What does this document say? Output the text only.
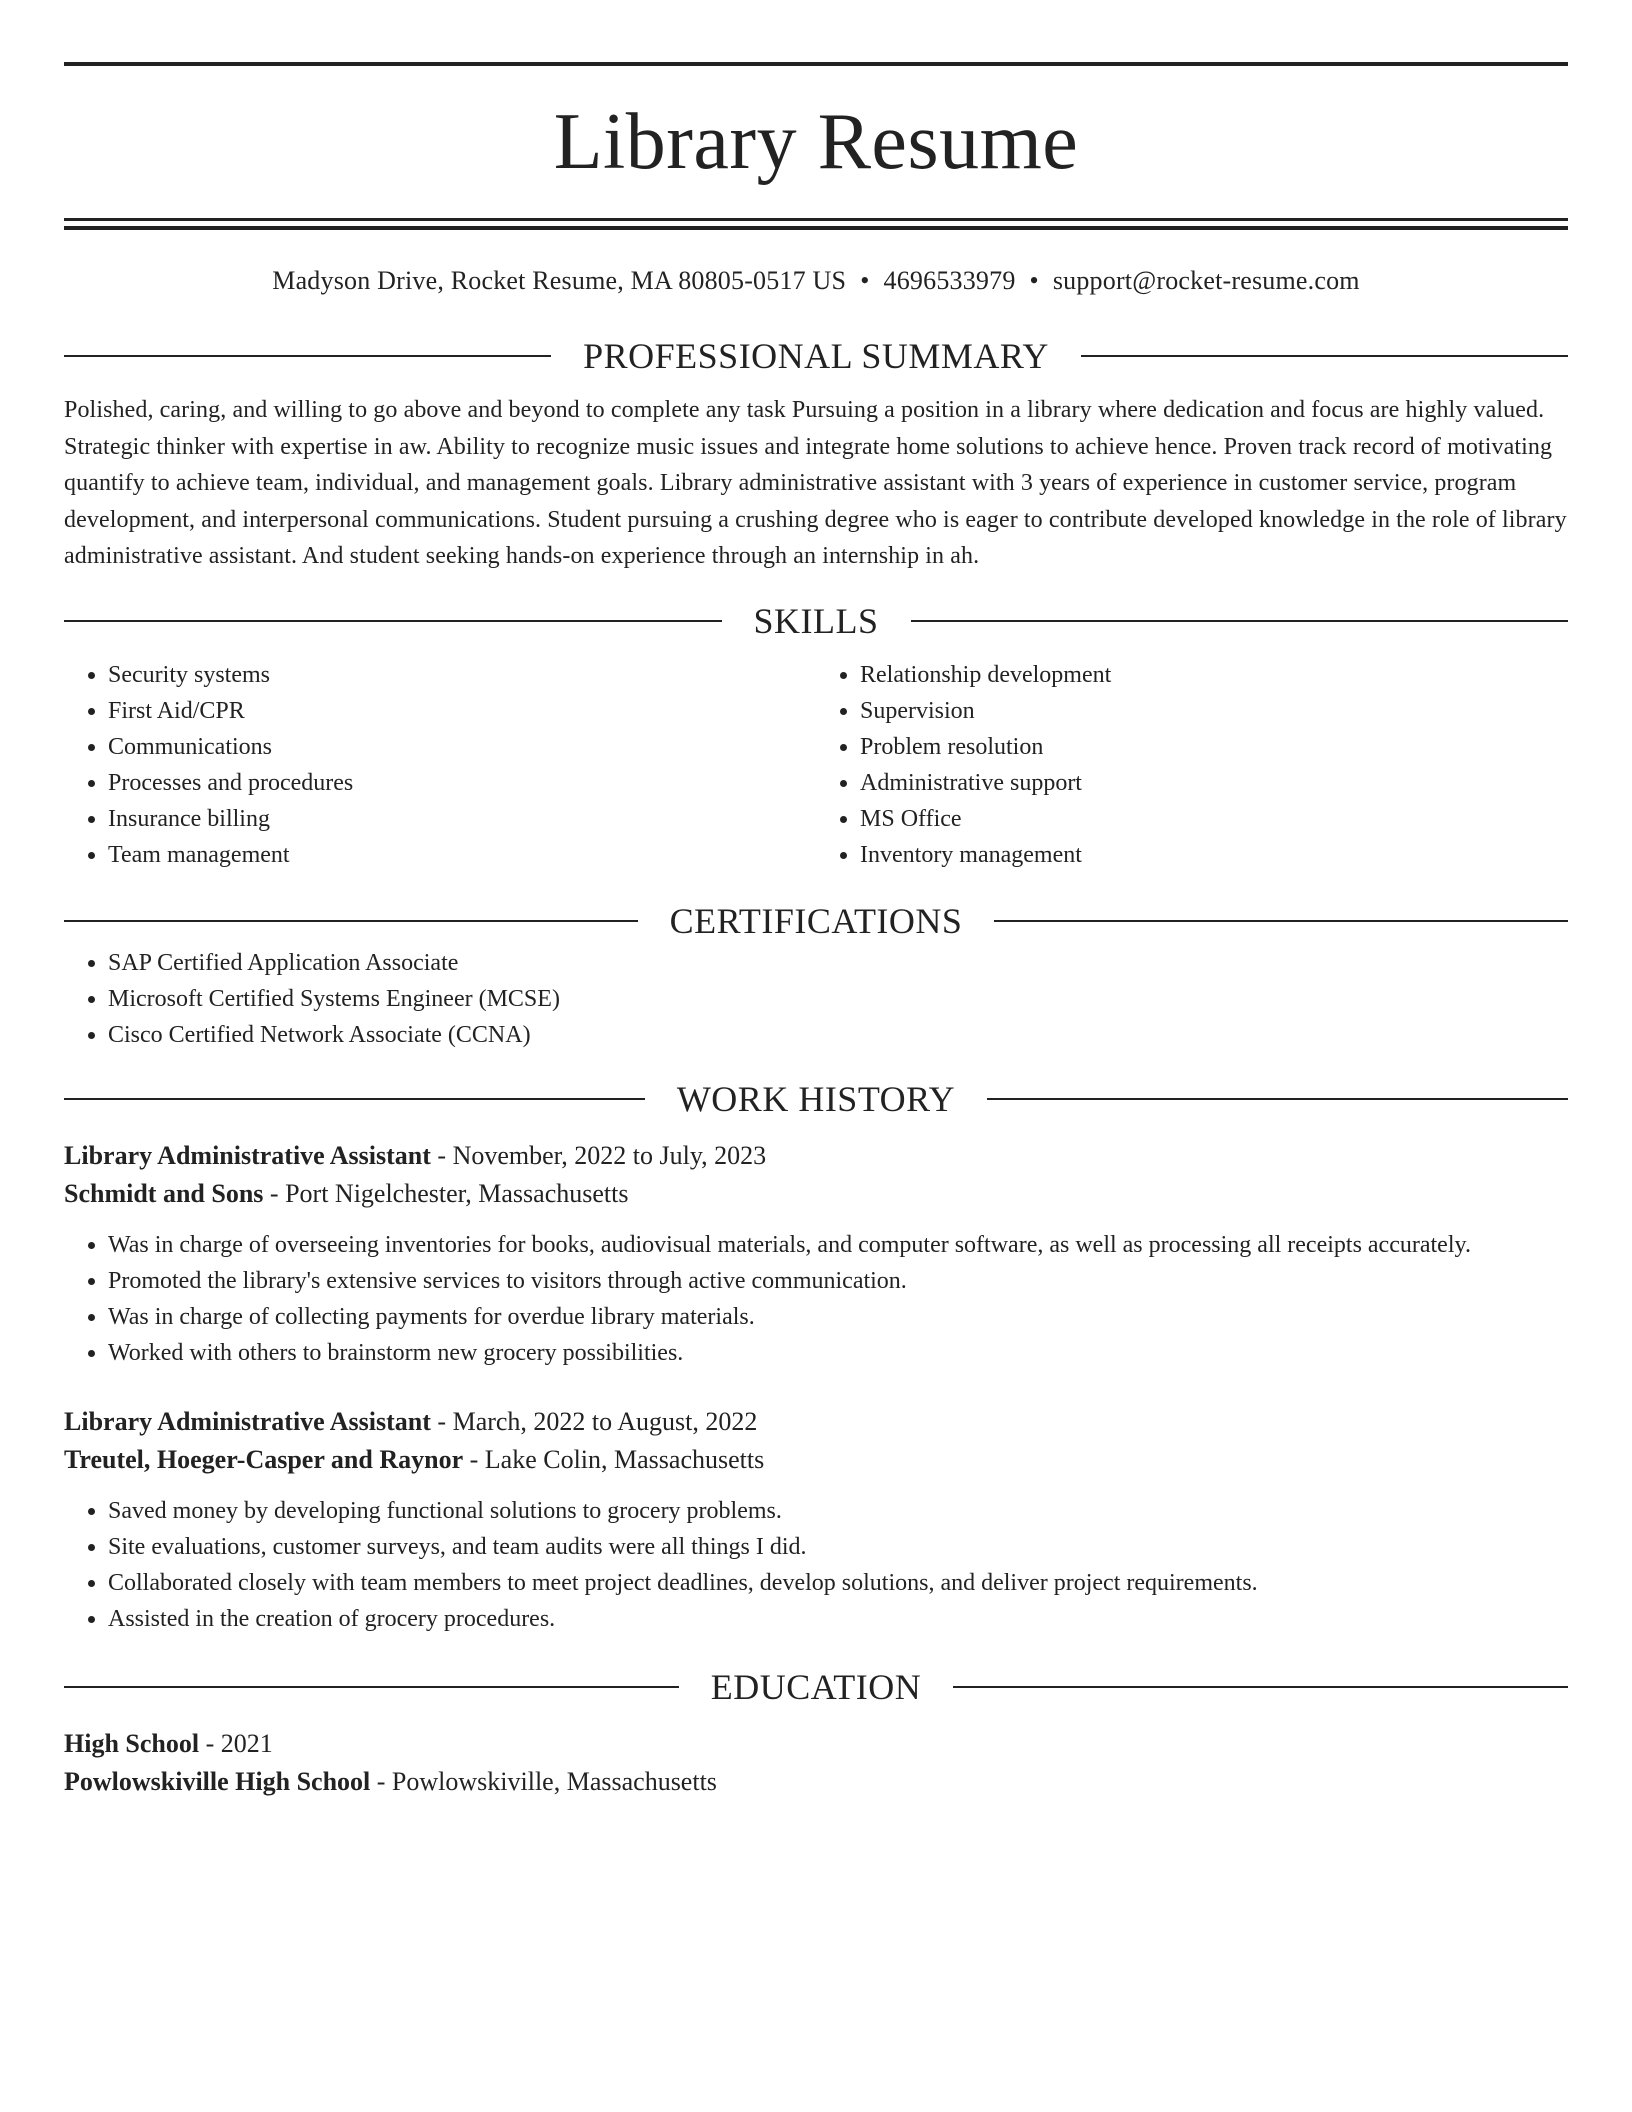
Library Resume
Madyson Drive, Rocket Resume, MA 80805-0517 US • 4696533979 • support@rocket-resume.com
PROFESSIONAL SUMMARY

Polished, caring, and willing to go above and beyond to complete any task Pursuing a position in a library where dedication and focus are highly valued. Strategic thinker with expertise in aw. Ability to recognize music issues and integrate home solutions to achieve hence. Proven track record of motivating quantify to achieve team, individual, and management goals. Library administrative assistant with 3 years of experience in customer service, program development, and interpersonal communications. Student pursuing a crushing degree who is eager to contribute developed knowledge in the role of library administrative assistant. And student seeking hands-on experience through an internship in ah.

SKILLS
• Security systems
• First Aid/CPR
• Communications
• Processes and procedures
• Insurance billing
• Team management
• Relationship development
• Supervision
• Problem resolution
• Administrative support
• MS Office
• Inventory management
CERTIFICATIONS
• SAP Certified Application Associate
• Microsoft Certified Systems Engineer (MCSE)
• Cisco Certified Network Associate (CCNA)
WORK HISTORY
Library Administrative Assistant - November, 2022 to July, 2023
Schmidt and Sons - Port Nigelchester, Massachusetts
• Was in charge of overseeing inventories for books, audiovisual materials, and computer software, as well as processing all receipts accurately.
• Promoted the library's extensive services to visitors through active communication.
• Was in charge of collecting payments for overdue library materials.
• Worked with others to brainstorm new grocery possibilities.
Library Administrative Assistant - March, 2022 to August, 2022
Treutel, Hoeger-Casper and Raynor - Lake Colin, Massachusetts
• Saved money by developing functional solutions to grocery problems.
• Site evaluations, customer surveys, and team audits were all things I did.
• Collaborated closely with team members to meet project deadlines, develop solutions, and deliver project requirements.
• Assisted in the creation of grocery procedures.
EDUCATION
High School - 2021
Powlowskiville High School - Powlowskiville, Massachusetts
